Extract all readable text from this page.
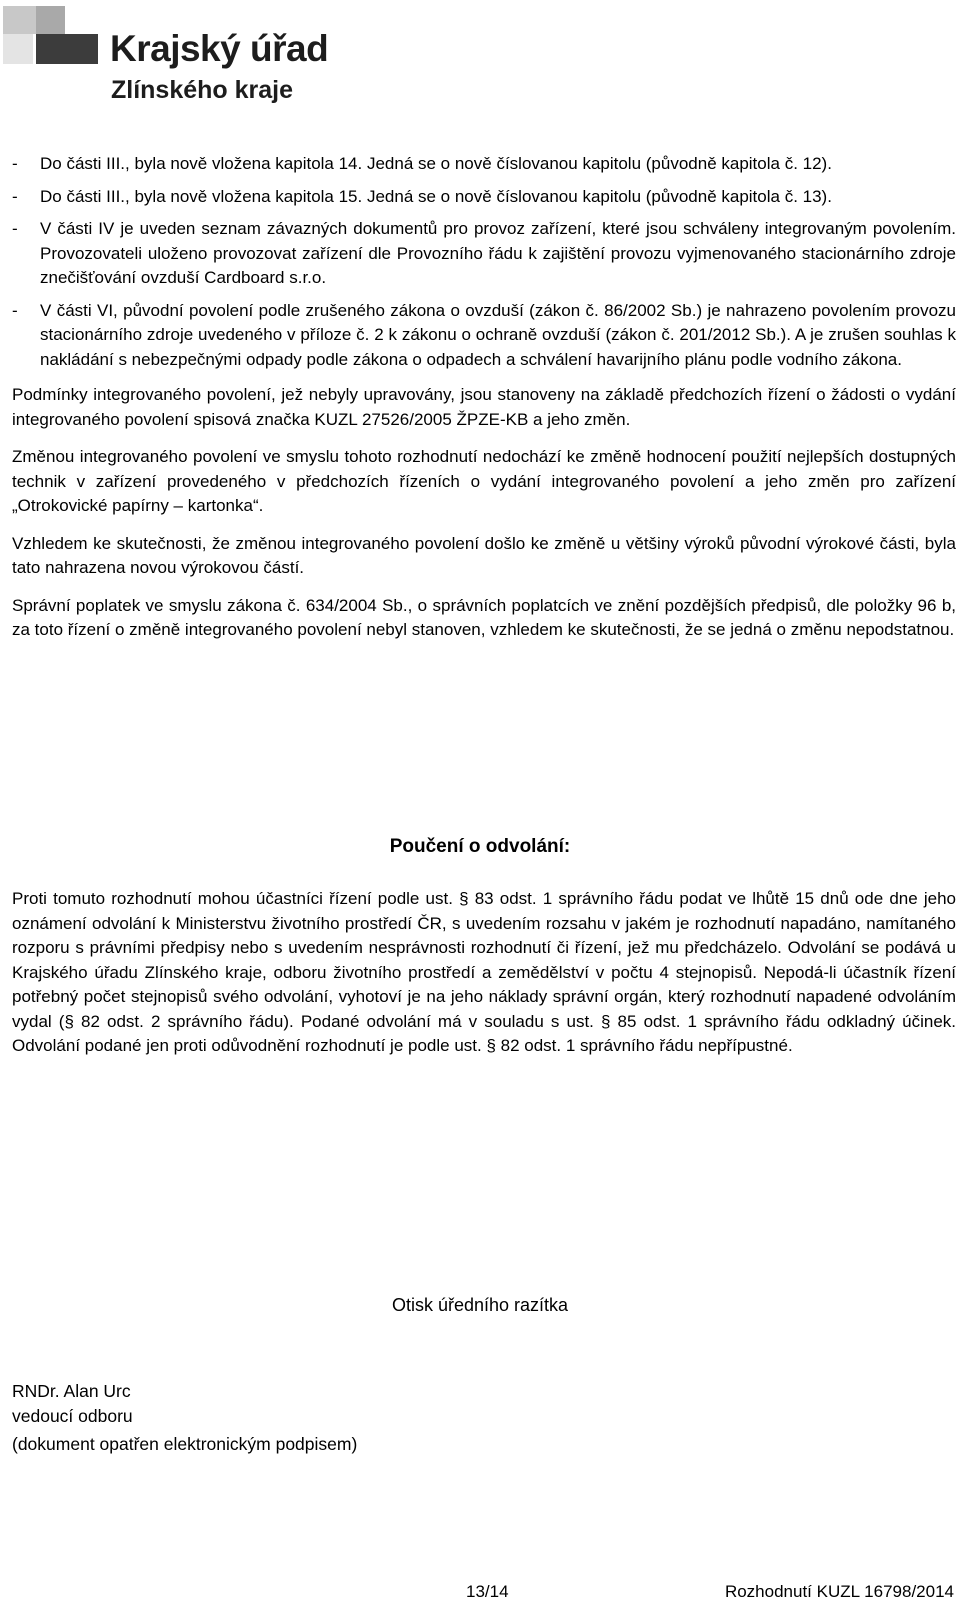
Krajský úřad
Zlínského kraje
- Do části III., byla nově vložena kapitola 14. Jedná se o nově číslovanou kapitolu (původně kapitola č. 12).
- Do části III., byla nově vložena kapitola 15. Jedná se o nově číslovanou kapitolu (původně kapitola č. 13).
- V části IV je uveden seznam závazných dokumentů pro provoz zařízení, které jsou schváleny integrovaným povolením. Provozovateli uloženo provozovat zařízení dle Provozního řádu k zajištění provozu vyjmenovaného stacionárního zdroje znečišťování ovzduší Cardboard s.r.o.
- V části VI, původní povolení podle zrušeného zákona o ovzduší (zákon č. 86/2002 Sb.) je nahrazeno povolením provozu stacionárního zdroje uvedeného v příloze č. 2 k zákonu o ochraně ovzduší (zákon č. 201/2012 Sb.). A je zrušen souhlas k nakládání s nebezpečnými odpady podle zákona o odpadech a schválení havarijního plánu podle vodního zákona.

Podmínky integrovaného povolení, jež nebyly upravovány, jsou stanoveny na základě předchozích řízení o žádosti o vydání integrovaného povolení spisová značka KUZL 27526/2005 ŽPZE-KB a jeho změn.

Změnou integrovaného povolení ve smyslu tohoto rozhodnutí nedochází ke změně hodnocení použití nejlepších dostupných technik v zařízení provedeného v předchozích řízeních o vydání integrovaného povolení a jeho změn pro zařízení „Otrokovické papírny – kartonka“.

Vzhledem ke skutečnosti, že změnou integrovaného povolení došlo ke změně u většiny výroků původní výrokové části, byla tato nahrazena novou výrokovou částí.

Správní poplatek ve smyslu zákona č. 634/2004 Sb., o správních poplatcích ve znění pozdějších předpisů, dle položky 96 b, za toto řízení o změně integrovaného povolení nebyl stanoven, vzhledem ke skutečnosti, že se jedná o změnu nepodstatnou.

Poučení o odvolání:

Proti tomuto rozhodnutí mohou účastníci řízení podle ust. § 83 odst. 1 správního řádu podat ve lhůtě 15 dnů ode dne jeho oznámení odvolání k Ministerstvu životního prostředí ČR, s uvedením rozsahu v jakém je rozhodnutí napadáno, namítaného rozporu s právními předpisy nebo s uvedením nesprávnosti rozhodnutí či řízení, jež mu předcházelo. Odvolání se podává u Krajského úřadu Zlínského kraje, odboru životního prostředí a zemědělství v počtu 4 stejnopisů. Nepodá-li účastník řízení potřebný počet stejnopisů svého odvolání, vyhotoví je na jeho náklady správní orgán, který rozhodnutí napadené odvoláním vydal (§ 82 odst. 2 správního řádu). Podané odvolání má v souladu s ust. § 85 odst. 1 správního řádu odkladný účinek. Odvolání podané jen proti odůvodnění rozhodnutí je podle ust. § 82 odst. 1 správního řádu nepřípustné.

Otisk úředního razítka
RNDr. Alan Urc
vedoucí odboru
(dokument opatřen elektronickým podpisem)
13/14	Rozhodnutí KUZL 16798/2014
